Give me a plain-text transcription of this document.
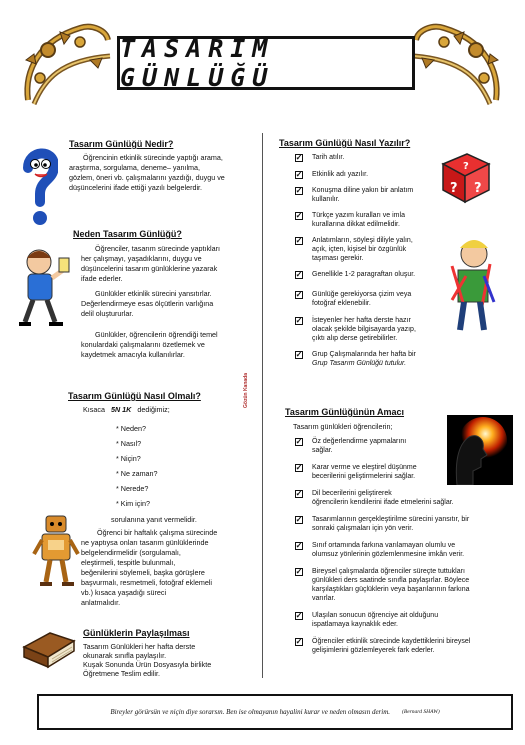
TASARIM GÜNLÜĞÜ
Gözün Kanada
Tasarım Günlüğü Nedir?

Öğrencinin etkinlik sürecinde yaptığı arama,

araştırma, sorgulama, deneme– yanılma,

gözlem, öneri vb. çalışmalarını yazdığı, duygu ve

düşüncelerini ifade ettiği yazılı belgelerdir.

Neden Tasarım Günlüğü?

Öğrenciler, tasarım sürecinde yaptıkları

her çalışmayı, yaşadıklarını, duygu ve

düşüncelerini tasarım günlüklerine yazarak

ifade ederler.

Günlükler etkinlik sürecini yansıtırlar.

Değerlendirmeye esas ölçütlerin varlığına

delil oluştururlar.

Günlükler, öğrencilerin öğrendiği temel

konulardaki çalışmalarını özetlemek ve

kaydetmek amacıyla kullanılırlar.

Tasarım Günlüğü Nasıl Olmalı?

Kısaca 5N 1K dediğimiz;

* Neden?
* Nasıl?
* Niçin?
* Ne zaman?
* Nerede?
* Kim için?

sorulanına yanıt vermelidir.

Öğrenci bir haftalık çalışma sürecinde

ne yaptıysa onları tasarım günlüklerinde

belgelendirmelidir (sorgulamalı,

eleştirmeli, tespitle bulunmalı,

beğenilerini söylemeli, başka görüşlere

başvurmalı, resmetmeli, fotoğraf eklemeli

vb.) kısaca yaşadığı süreci

anlatmalıdır.

Günlüklerin Paylaşılması

Tasarım Günlükleri her hafta derste

okunarak sınıfla paylaşılır.

Kuşak Sonunda Ürün Dosyasıyla birlikte

Öğretmene Teslim edilir.

Tasarım Günlüğü Nasıl Yazılır?
✓ Tarih atılır.
✓ Etkinlik adı yazılır.
✓ Konuşma diline yakın bir anlatım
kullanılır.
✓ Türkçe yazım kuralları ve imla
kurallarına dikkat edilmelidir.
✓ Anlatımların, söyleşi diliyle yalın,
açık, içten, kişisel bir özgünlük
taşıması gerekir.
✓ Genellikle 1-2 paragraftan oluşur.
✓ Günlüğe gerekiyorsa çizim veya
fotoğraf eklenebilir.
✓ İsteyenler her hafta derste hazır
olacak şekilde bilgisayarda yazıp,
çıktı alıp derse getirebilirler.
✓ Grup Çalışmalarında her hafta bir
Grup Tasarım Günlüğü tutulur.
?
? ?
Tasarım Günlüğünün Amacı

Tasarım günlükleri öğrencilerin;

✓ Öz değerlendirme yapmalarını
sağlar.
✓ Karar verme ve eleştirel düşünme
becerilerini geliştirmelerini sağlar.
✓ Dil becerilerini geliştirerek
öğrencilerin kendilerini ifade etmelerini sağlar.
✓ Tasarımlarının gerçekleştirilme sürecini yansıtır, bir
sonraki çalışmaları için yön verir.
✓ Sınıf ortamında farkına varılamayan olumlu ve
olumsuz yönlerinin gözlemlenmesine imkân verir.
✓ Bireysel çalışmalarda öğrenciler süreçte tuttukları
günlükleri ders saatinde sınıfla paylaşırlar. Böylece
karşılaştıkları güçlüklerin veya başarılarının farkına
varırlar.
✓ Ulaşılan sonucun öğrenciye ait olduğunu
ispatlamaya kaynaklık eder.
✓ Öğrenciler etkinlik sürecinde kaydettiklerini bireysel
gelişimlerini gözlemleyerek fark ederler.
Bireyler görürsün ve niçin diye sorarsın. Ben ise olmayanın hayalini kurar ve neden olmasın derim. (Bernard SHAW)
